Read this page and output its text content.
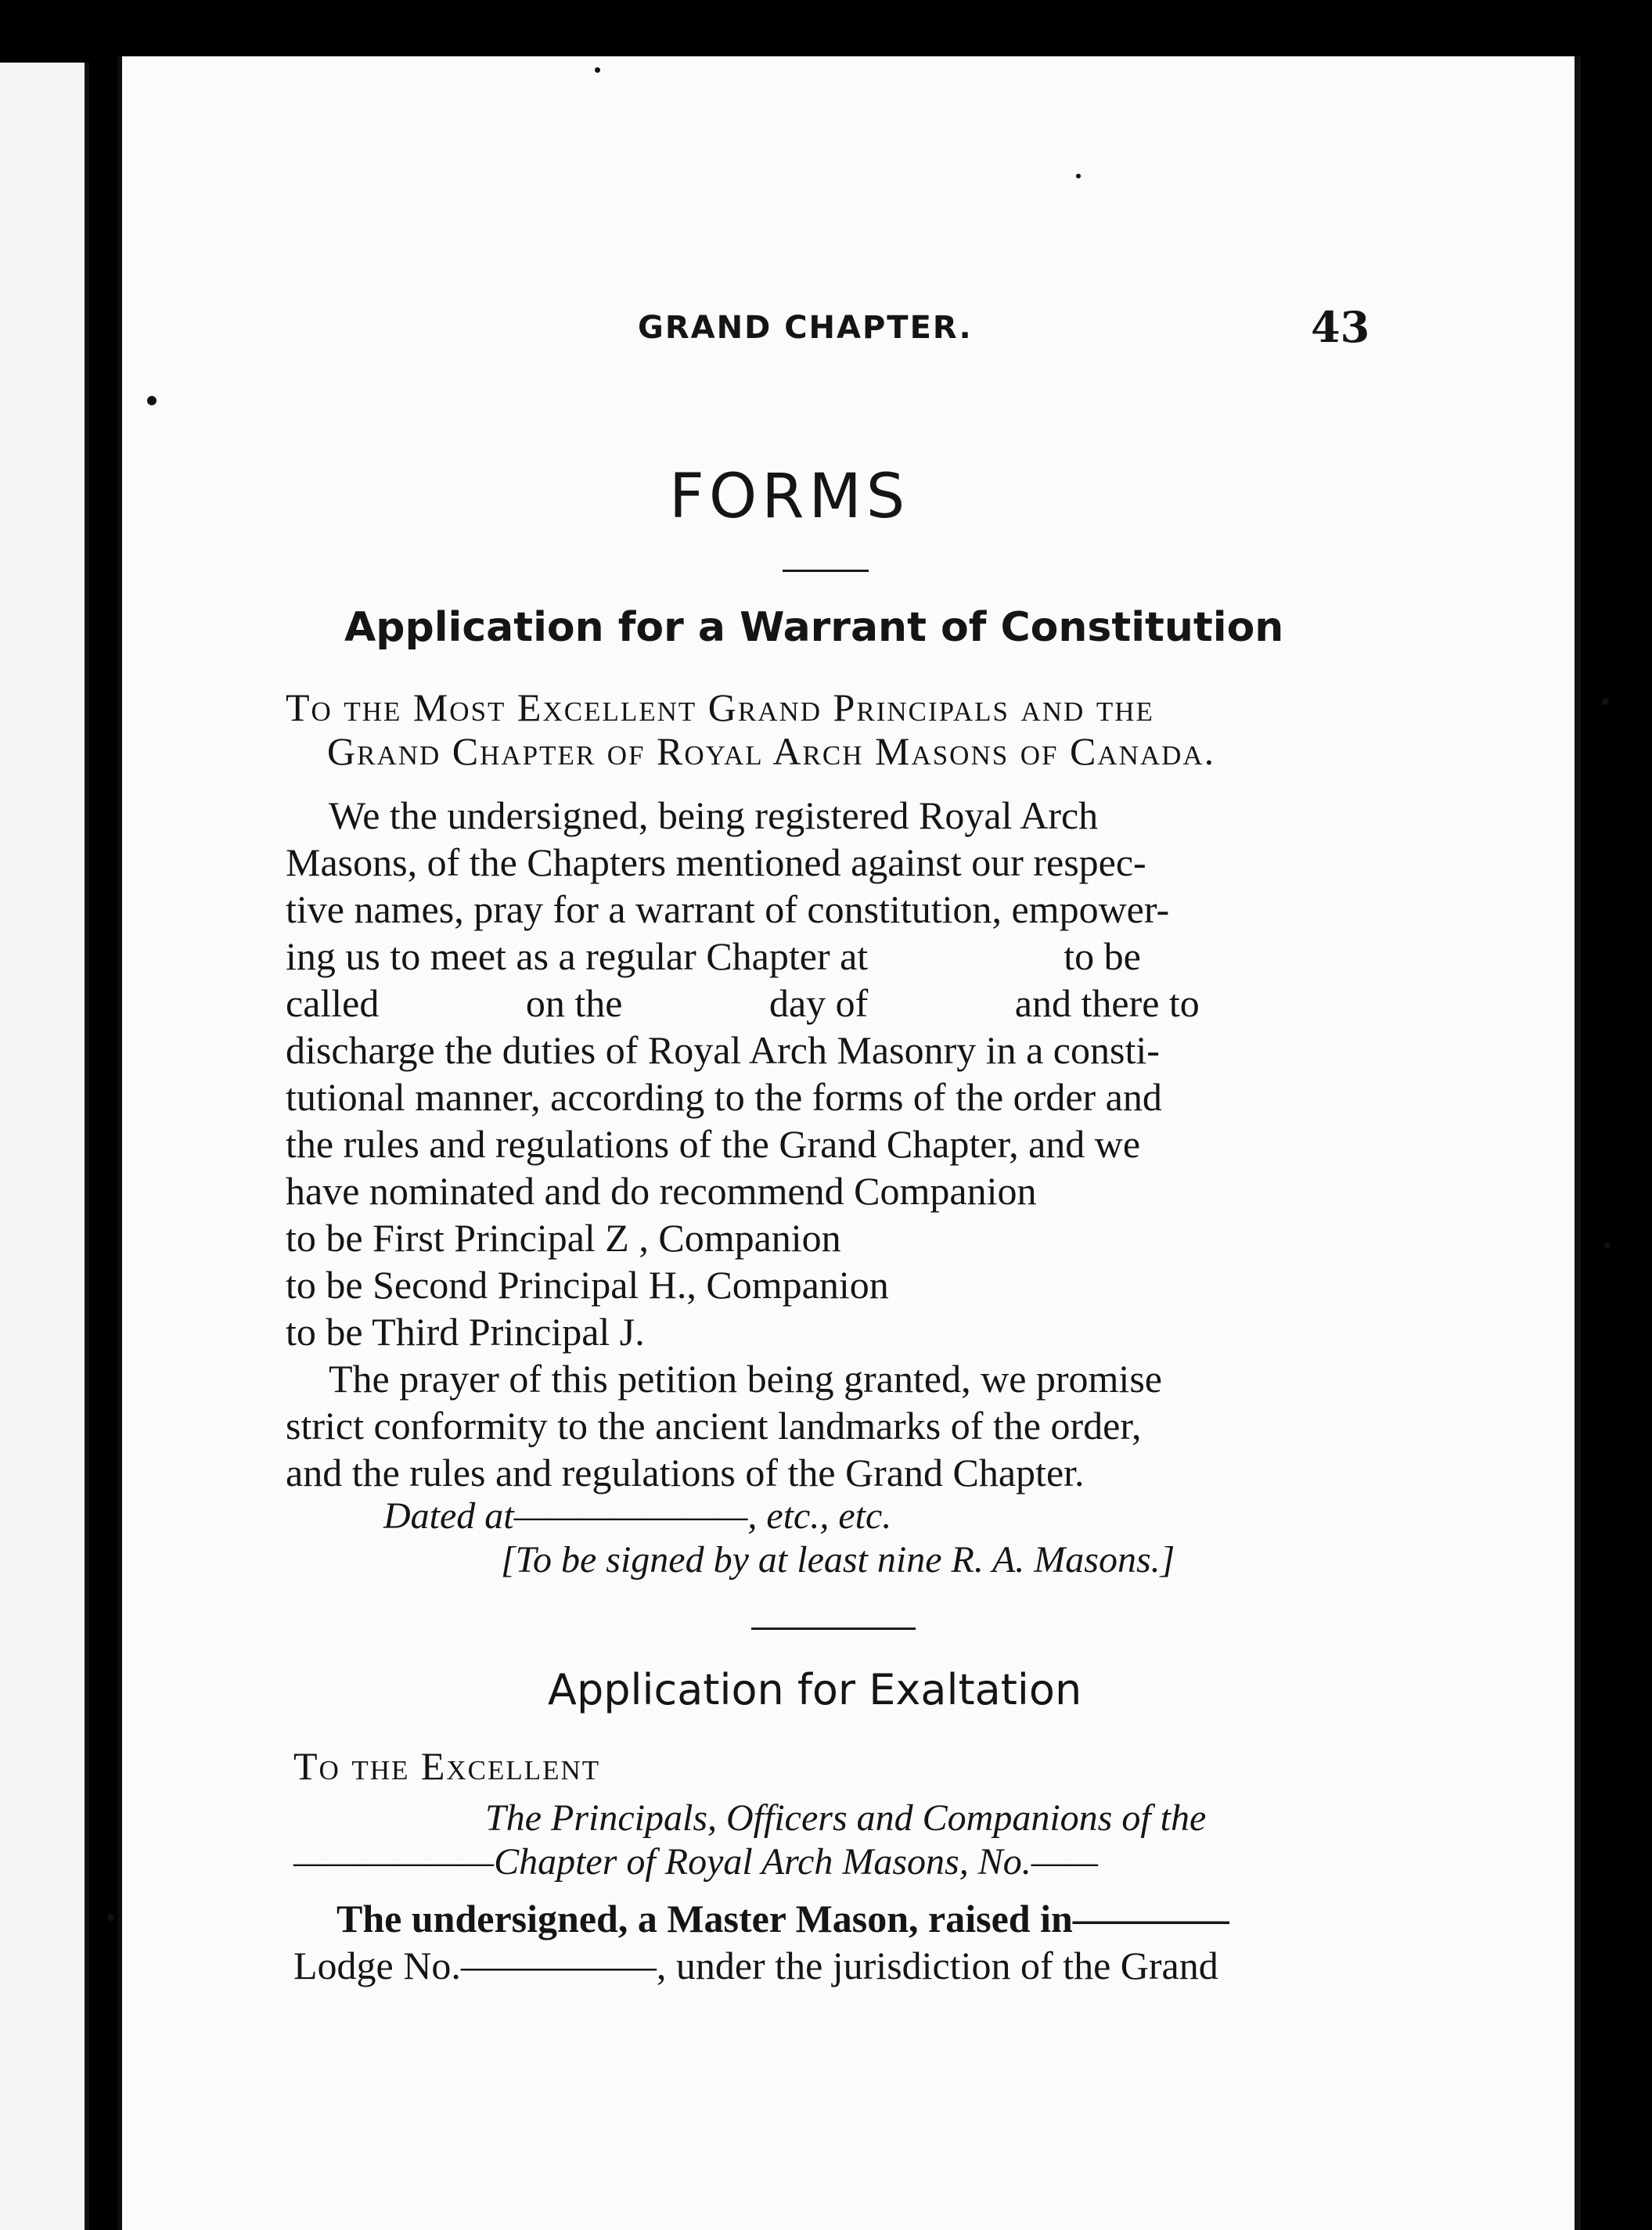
GRAND CHAPTER.	43
FORMS
Application for a Warrant of Constitution
To the Most Excellent Grand Principals and the
Grand Chapter of Royal Arch Masons of Canada.
We the undersigned, being registered Royal Arch
Masons, of the Chapters mentioned against our respec-
tive names, pray for a warrant of constitution, empower-
ing us to meet as a regular Chapter at                    to be
called               on the               day of               and there to
discharge the duties of Royal Arch Masonry in a consti-
tutional manner, according to the forms of the order and
the rules and regulations of the Grand Chapter, and we
have nominated and do recommend Companion
to be First Principal Z , Companion
to be Second Principal H., Companion
to be Third Principal J.
The prayer of this petition being granted, we promise
strict conformity to the ancient landmarks of the order,
and the rules and regulations of the Grand Chapter.
Dated at———————, etc., etc.
[To be signed by at least nine R. A. Masons.]
Application for Exaltation
To the Excellent
The Principals, Officers and Companions of the
——————Chapter of Royal Arch Masons, No.——
The undersigned, a Master Mason, raised in————
Lodge No.—————, under the jurisdiction of the Grand
